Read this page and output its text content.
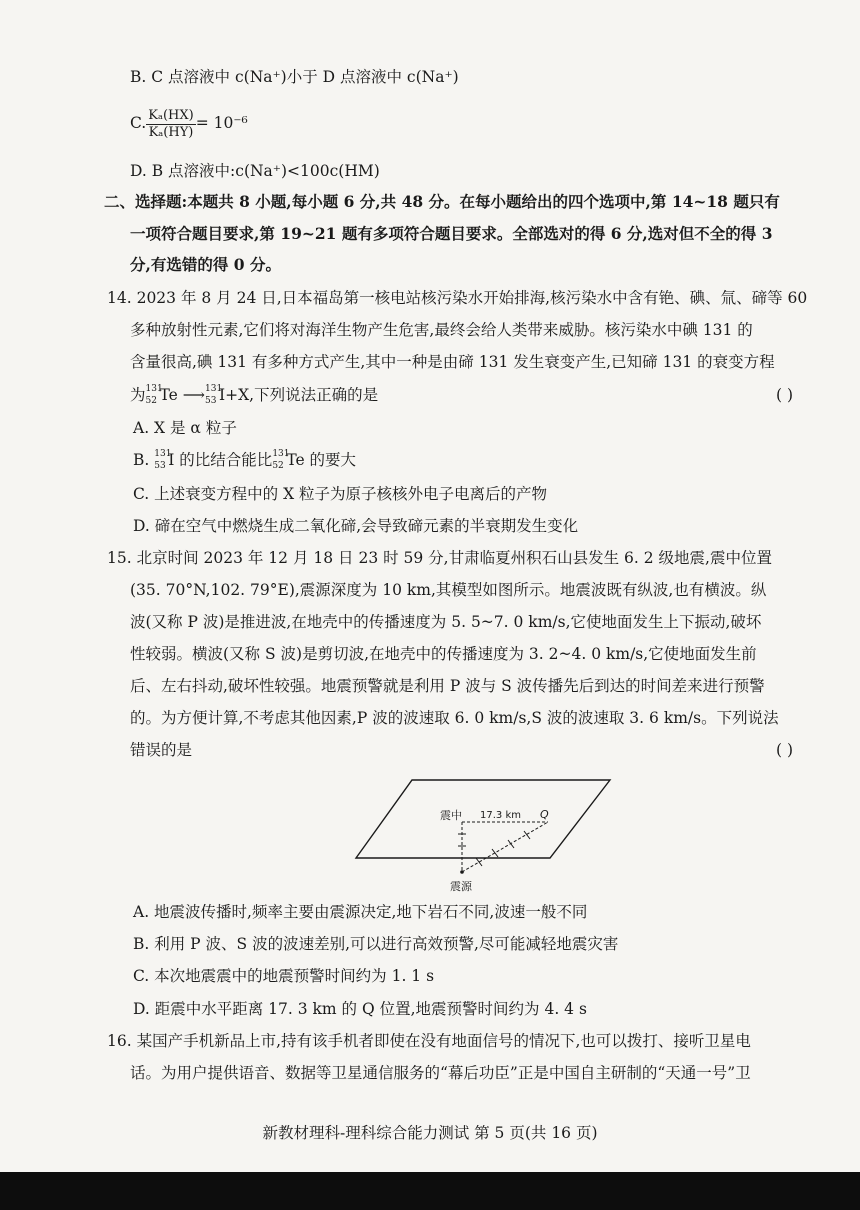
B. C 点溶液中 c(Na⁺)小于 D 点溶液中 c(Na⁺)
C. $\frac{\text{Kₐ(HX)}}{\text{Kₐ(HY)}} = 10^{-6}$
D. B 点溶液中:c(Na⁺)<100c(HM)
二、选择题:本题共 8 小题,每小题 6 分,共 48 分。在每小题给出的四个选项中,第 14~18 题只有
一项符合题目要求,第 19~21 题有多项符合题目要求。全部选对的得 6 分,选对但不全的得 3
分,有选错的得 0 分。
14. 2023 年 8 月 24 日,日本福岛第一核电站核污染水开始排海,核污染水中含有铯、碘、氚、碲等 60
多种放射性元素,它们将对海洋生物产生危害,最终会给人类带来威胁。核污染水中碘 131 的
含量很高,碘 131 有多种方式产生,其中一种是由碲 131 发生衰变产生,已知碲 131 的衰变方程
为 131
52 Te ⟶ 131
53 I+X,下列说法正确的是	( )
A. X 是 α 粒子
B. 131
53 I 的比结合能比 131
52 Te 的要大
C. 上述衰变方程中的 X 粒子为原子核核外电子电离后的产物
D. 碲在空气中燃烧生成二氧化碲,会导致碲元素的半衰期发生变化
15. 北京时间 2023 年 12 月 18 日 23 时 59 分,甘肃临夏州积石山县发生 6. 2 级地震,震中位置
(35. 70°N,102. 79°E),震源深度为 10 km,其模型如图所示。地震波既有纵波,也有横波。纵
波(又称 P 波)是推进波,在地壳中的传播速度为 5. 5~7. 0 km/s,它使地面发生上下振动,破坏
性较弱。横波(又称 S 波)是剪切波,在地壳中的传播速度为 3. 2~4. 0 km/s,它使地面发生前
后、左右抖动,破坏性较强。地震预警就是利用 P 波与 S 波传播先后到达的时间差来进行预警
的。为方便计算,不考虑其他因素,P 波的波速取 6. 0 km/s,S 波的波速取 3. 6 km/s。下列说法
错误的是	( )
震中 17.3 km Q
震源
A. 地震波传播时,频率主要由震源决定,地下岩石不同,波速一般不同
B. 利用 P 波、S 波的波速差别,可以进行高效预警,尽可能减轻地震灾害
C. 本次地震震中的地震预警时间约为 1. 1 s
D. 距震中水平距离 17. 3 km 的 Q 位置,地震预警时间约为 4. 4 s
16. 某国产手机新品上市,持有该手机者即使在没有地面信号的情况下,也可以拨打、接听卫星电
话。为用户提供语音、数据等卫星通信服务的“幕后功臣”正是中国自主研制的“天通一号”卫
新教材理科-理科综合能力测试 第 5 页(共 16 页)
